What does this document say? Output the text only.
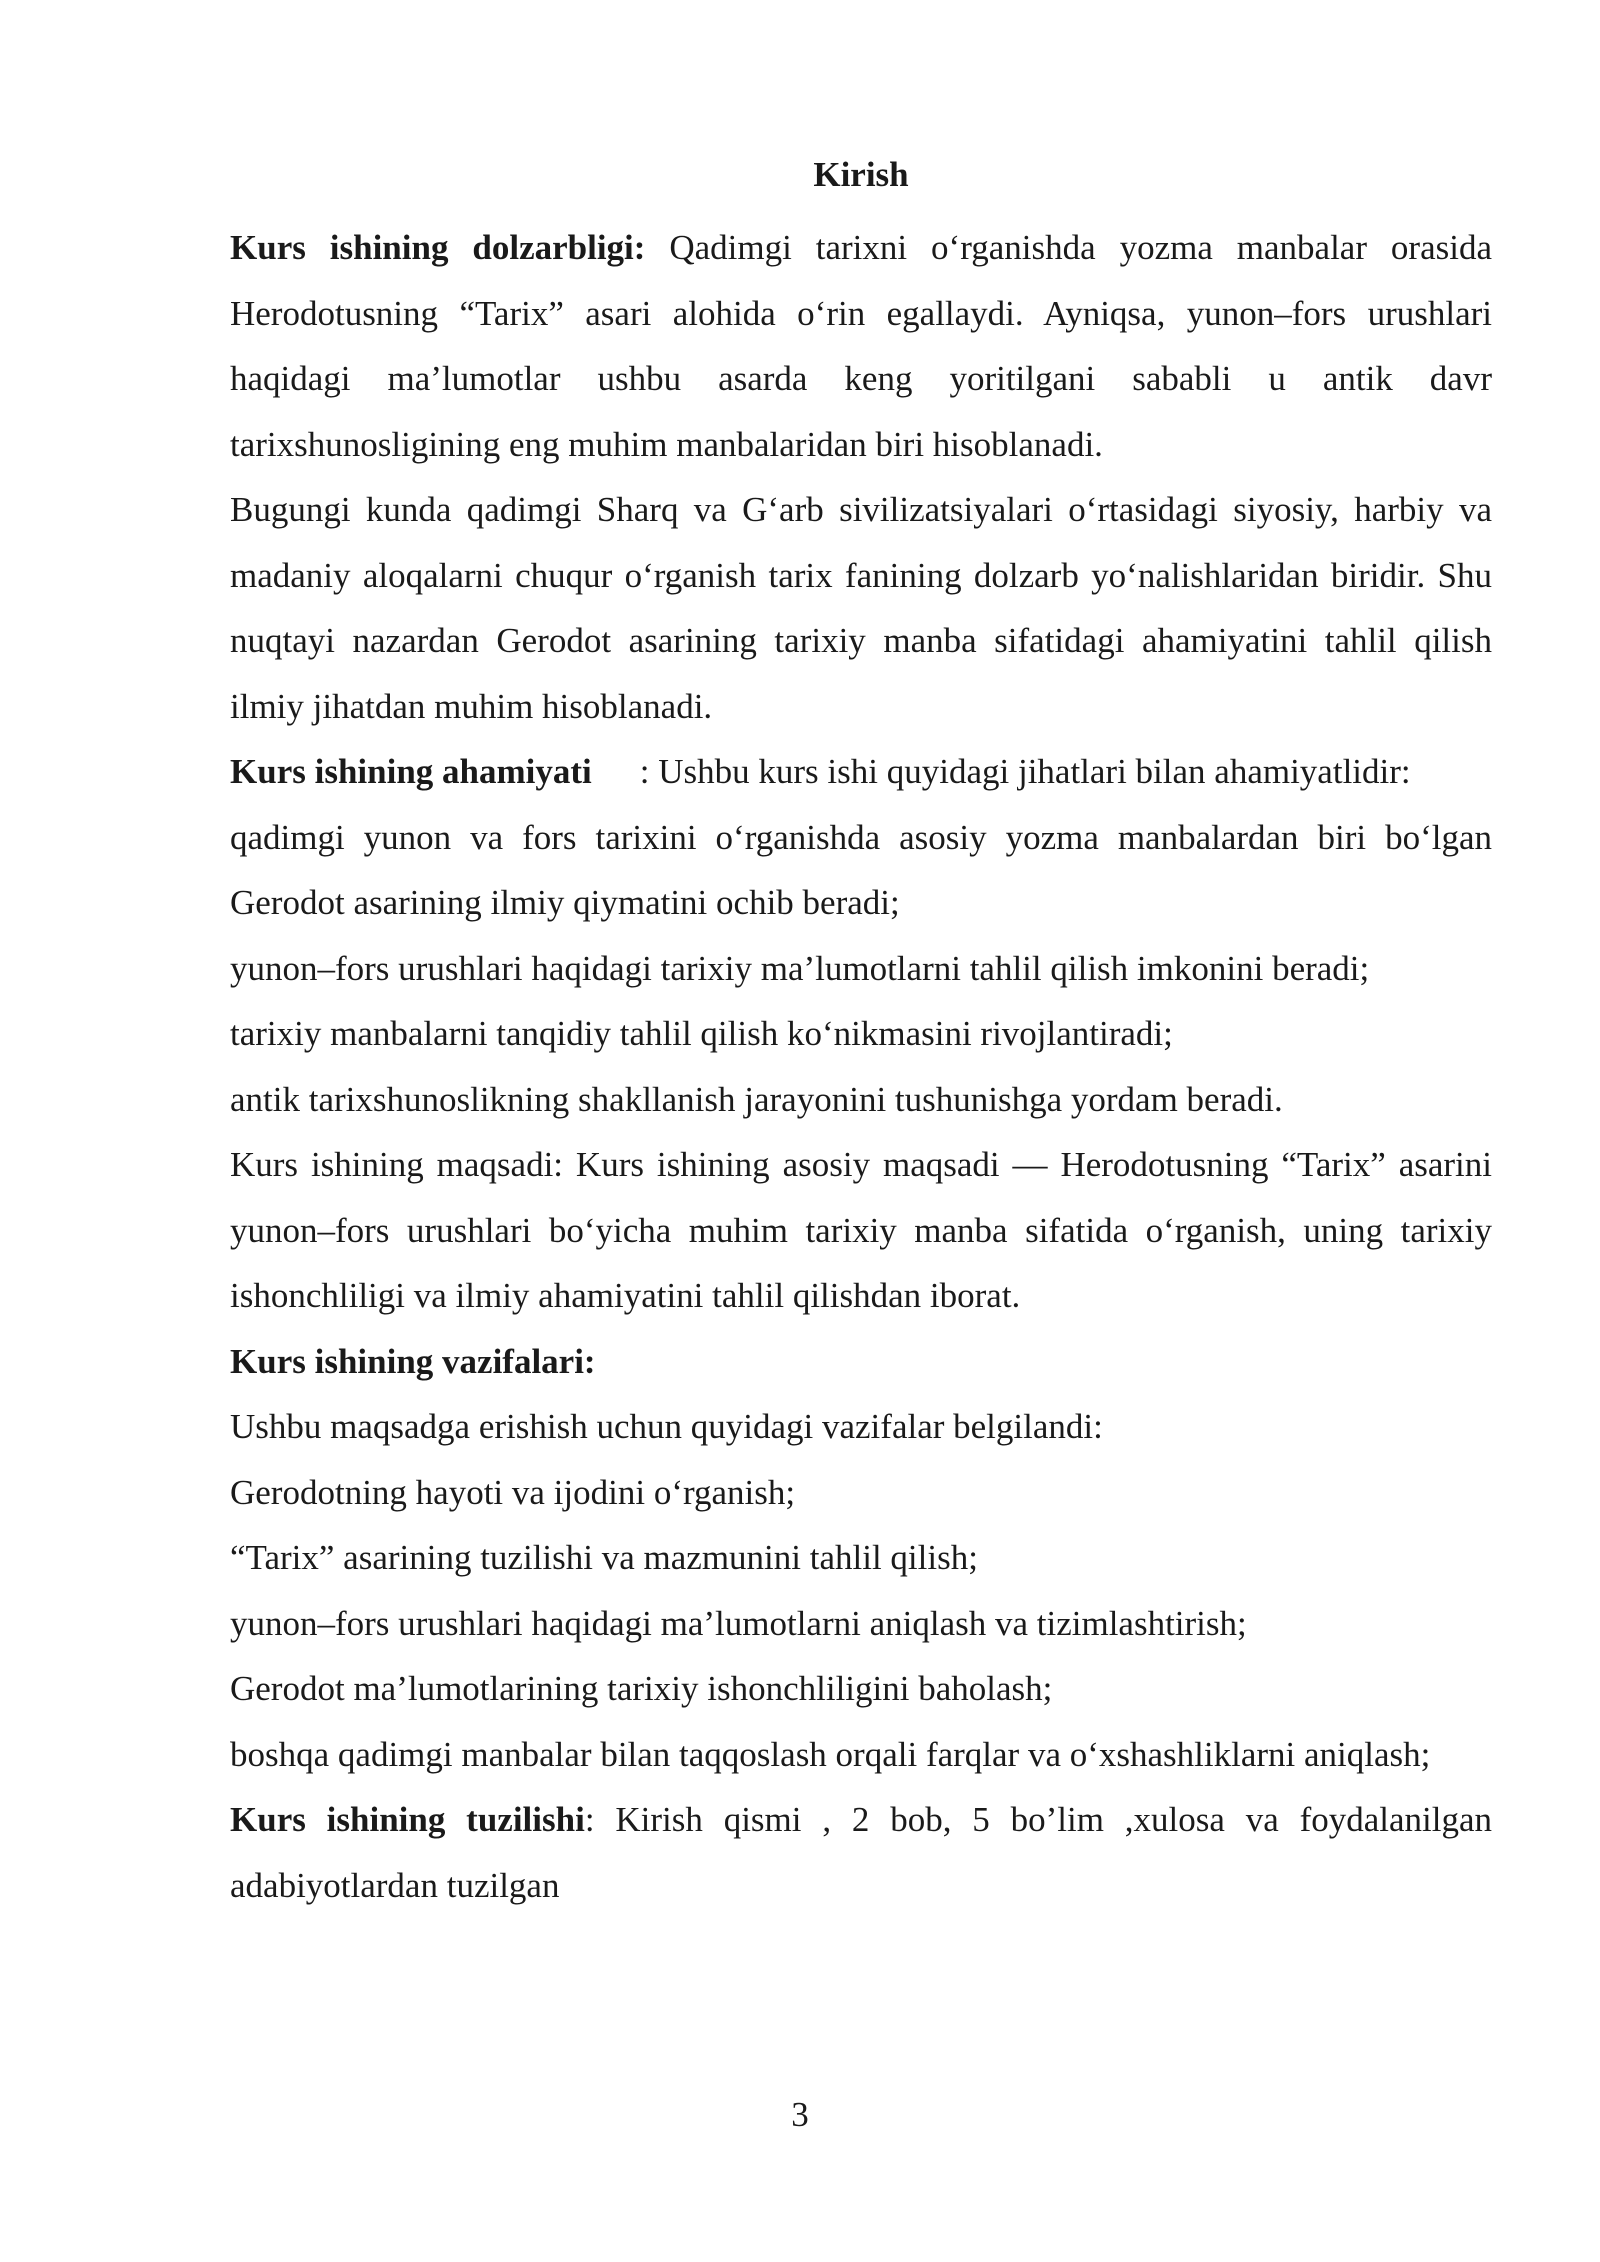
Kirish

Kurs ishining dolzarbligi: Qadimgi tarixni oʻrganishda yozma manbalar orasida Herodotusning “Tarix” asari alohida oʻrin egallaydi. Ayniqsa, yunon–fors urushlari haqidagi ma’lumotlar ushbu asarda keng yoritilgani sababli u antik davr tarixshunosligining eng muhim manbalaridan biri hisoblanadi.

Bugungi kunda qadimgi Sharq va Gʻarb sivilizatsiyalari oʻrtasidagi siyosiy, harbiy va madaniy aloqalarni chuqur oʻrganish tarix fanining dolzarb yoʻnalishlaridan biridir. Shu nuqtayi nazardan Gerodot asarining tarixiy manba sifatidagi ahamiyatini tahlil qilish ilmiy jihatdan muhim hisoblanadi.

Kurs ishining ahamiyati : Ushbu kurs ishi quyidagi jihatlari bilan ahamiyatlidir:

qadimgi yunon va fors tarixini oʻrganishda asosiy yozma manbalardan biri boʻlgan Gerodot asarining ilmiy qiymatini ochib beradi;

yunon–fors urushlari haqidagi tarixiy ma’lumotlarni tahlil qilish imkonini beradi;

tarixiy manbalarni tanqidiy tahlil qilish koʻnikmasini rivojlantiradi;

antik tarixshunoslikning shakllanish jarayonini tushunishga yordam beradi.

Kurs ishining maqsadi: Kurs ishining asosiy maqsadi — Herodotusning “Tarix” asarini yunon–fors urushlari boʻyicha muhim tarixiy manba sifatida oʻrganish, uning tarixiy ishonchliligi va ilmiy ahamiyatini tahlil qilishdan iborat.

Kurs ishining vazifalari:

Ushbu maqsadga erishish uchun quyidagi vazifalar belgilandi:

Gerodotning hayoti va ijodini oʻrganish;

“Tarix” asarining tuzilishi va mazmunini tahlil qilish;

yunon–fors urushlari haqidagi ma’lumotlarni aniqlash va tizimlashtirish;

Gerodot ma’lumotlarining tarixiy ishonchliligini baholash;

boshqa qadimgi manbalar bilan taqqoslash orqali farqlar va oʻxshashliklarni aniqlash;

Kurs ishining tuzilishi: Kirish qismi , 2 bob, 5 bo’lim ,xulosa va foydalanilgan adabiyotlardan tuzilgan

3
